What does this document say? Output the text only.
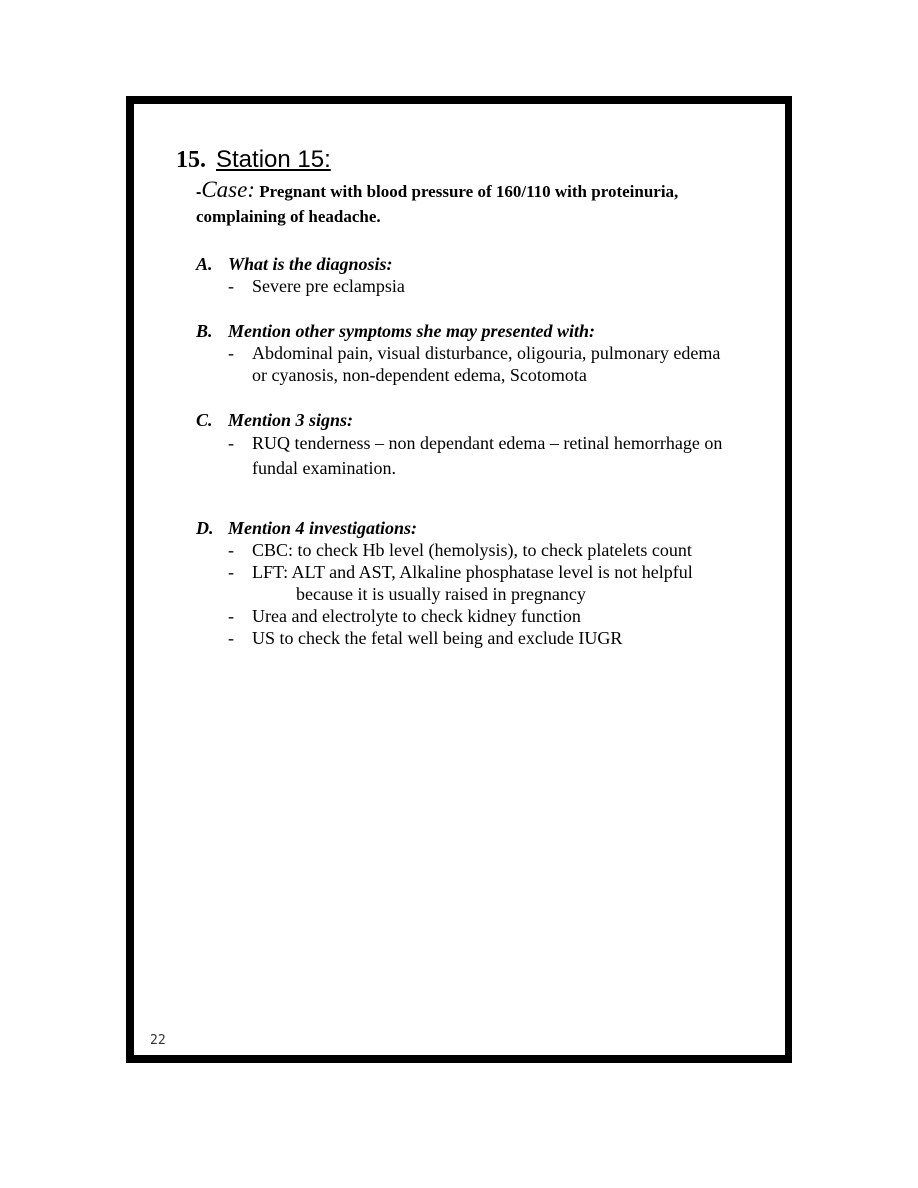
15. Station 15:
-Case: Pregnant with blood pressure of 160/110 with proteinuria,
complaining of headache.
A. What is the diagnosis:
-	Severe pre eclampsia
B. Mention other symptoms she may presented with:
-	Abdominal pain, visual disturbance, oligouria, pulmonary edema
or cyanosis, non-dependent edema, Scotomota
C. Mention 3 signs:
-	RUQ tenderness – non dependant edema – retinal hemorrhage on
fundal examination.
D. Mention 4 investigations:
-	CBC: to check Hb level (hemolysis), to check platelets count
-	LFT: ALT and AST, Alkaline phosphatase level is not helpful
because it is usually raised in pregnancy
-	Urea and electrolyte to check kidney function
-	US to check the fetal well being and exclude IUGR
22
